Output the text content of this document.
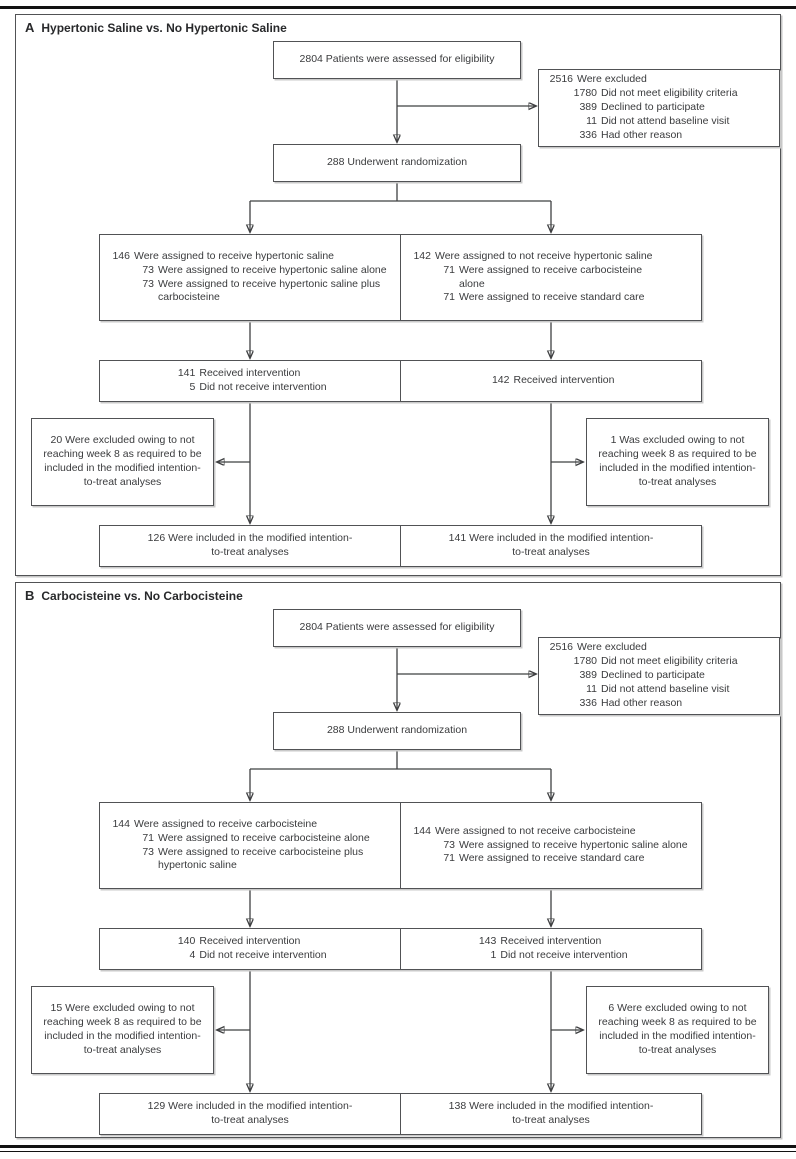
A Hypertonic Saline vs. No Hypertonic Saline
2804 Patients were assessed for eligibility
2516 Were excluded
1780 Did not meet eligibility criteria
389 Declined to participate
11 Did not attend baseline visit
336 Had other reason
288 Underwent randomization
146 Were assigned to receive hypertonic saline
73 Were assigned to receive hypertonic saline alone
73 Were assigned to receive hypertonic saline plus carbocisteine
142 Were assigned to not receive hypertonic saline
71 Were assigned to receive carbocisteine alone
71 Were assigned to receive standard care
141 Received intervention
5 Did not receive intervention
142 Received intervention
20 Were excluded owing to not reaching week 8 as required to be included in the modified intention-to-treat analyses
1 Was excluded owing to not reaching week 8 as required to be included in the modified intention-to-treat analyses
126 Were included in the modified intention-to-treat analyses
141 Were included in the modified intention-to-treat analyses
B Carbocisteine vs. No Carbocisteine
2804 Patients were assessed for eligibility
2516 Were excluded
1780 Did not meet eligibility criteria
389 Declined to participate
11 Did not attend baseline visit
336 Had other reason
288 Underwent randomization
144 Were assigned to receive carbocisteine
71 Were assigned to receive carbocisteine alone
73 Were assigned to receive carbocisteine plus hypertonic saline
144 Were assigned to not receive carbocisteine
73 Were assigned to receive hypertonic saline alone
71 Were assigned to receive standard care
140 Received intervention
4 Did not receive intervention
143 Received intervention
1 Did not receive intervention
15 Were excluded owing to not reaching week 8 as required to be included in the modified intention-to-treat analyses
6 Were excluded owing to not reaching week 8 as required to be included in the modified intention-to-treat analyses
129 Were included in the modified intention-to-treat analyses
138 Were included in the modified intention-to-treat analyses
